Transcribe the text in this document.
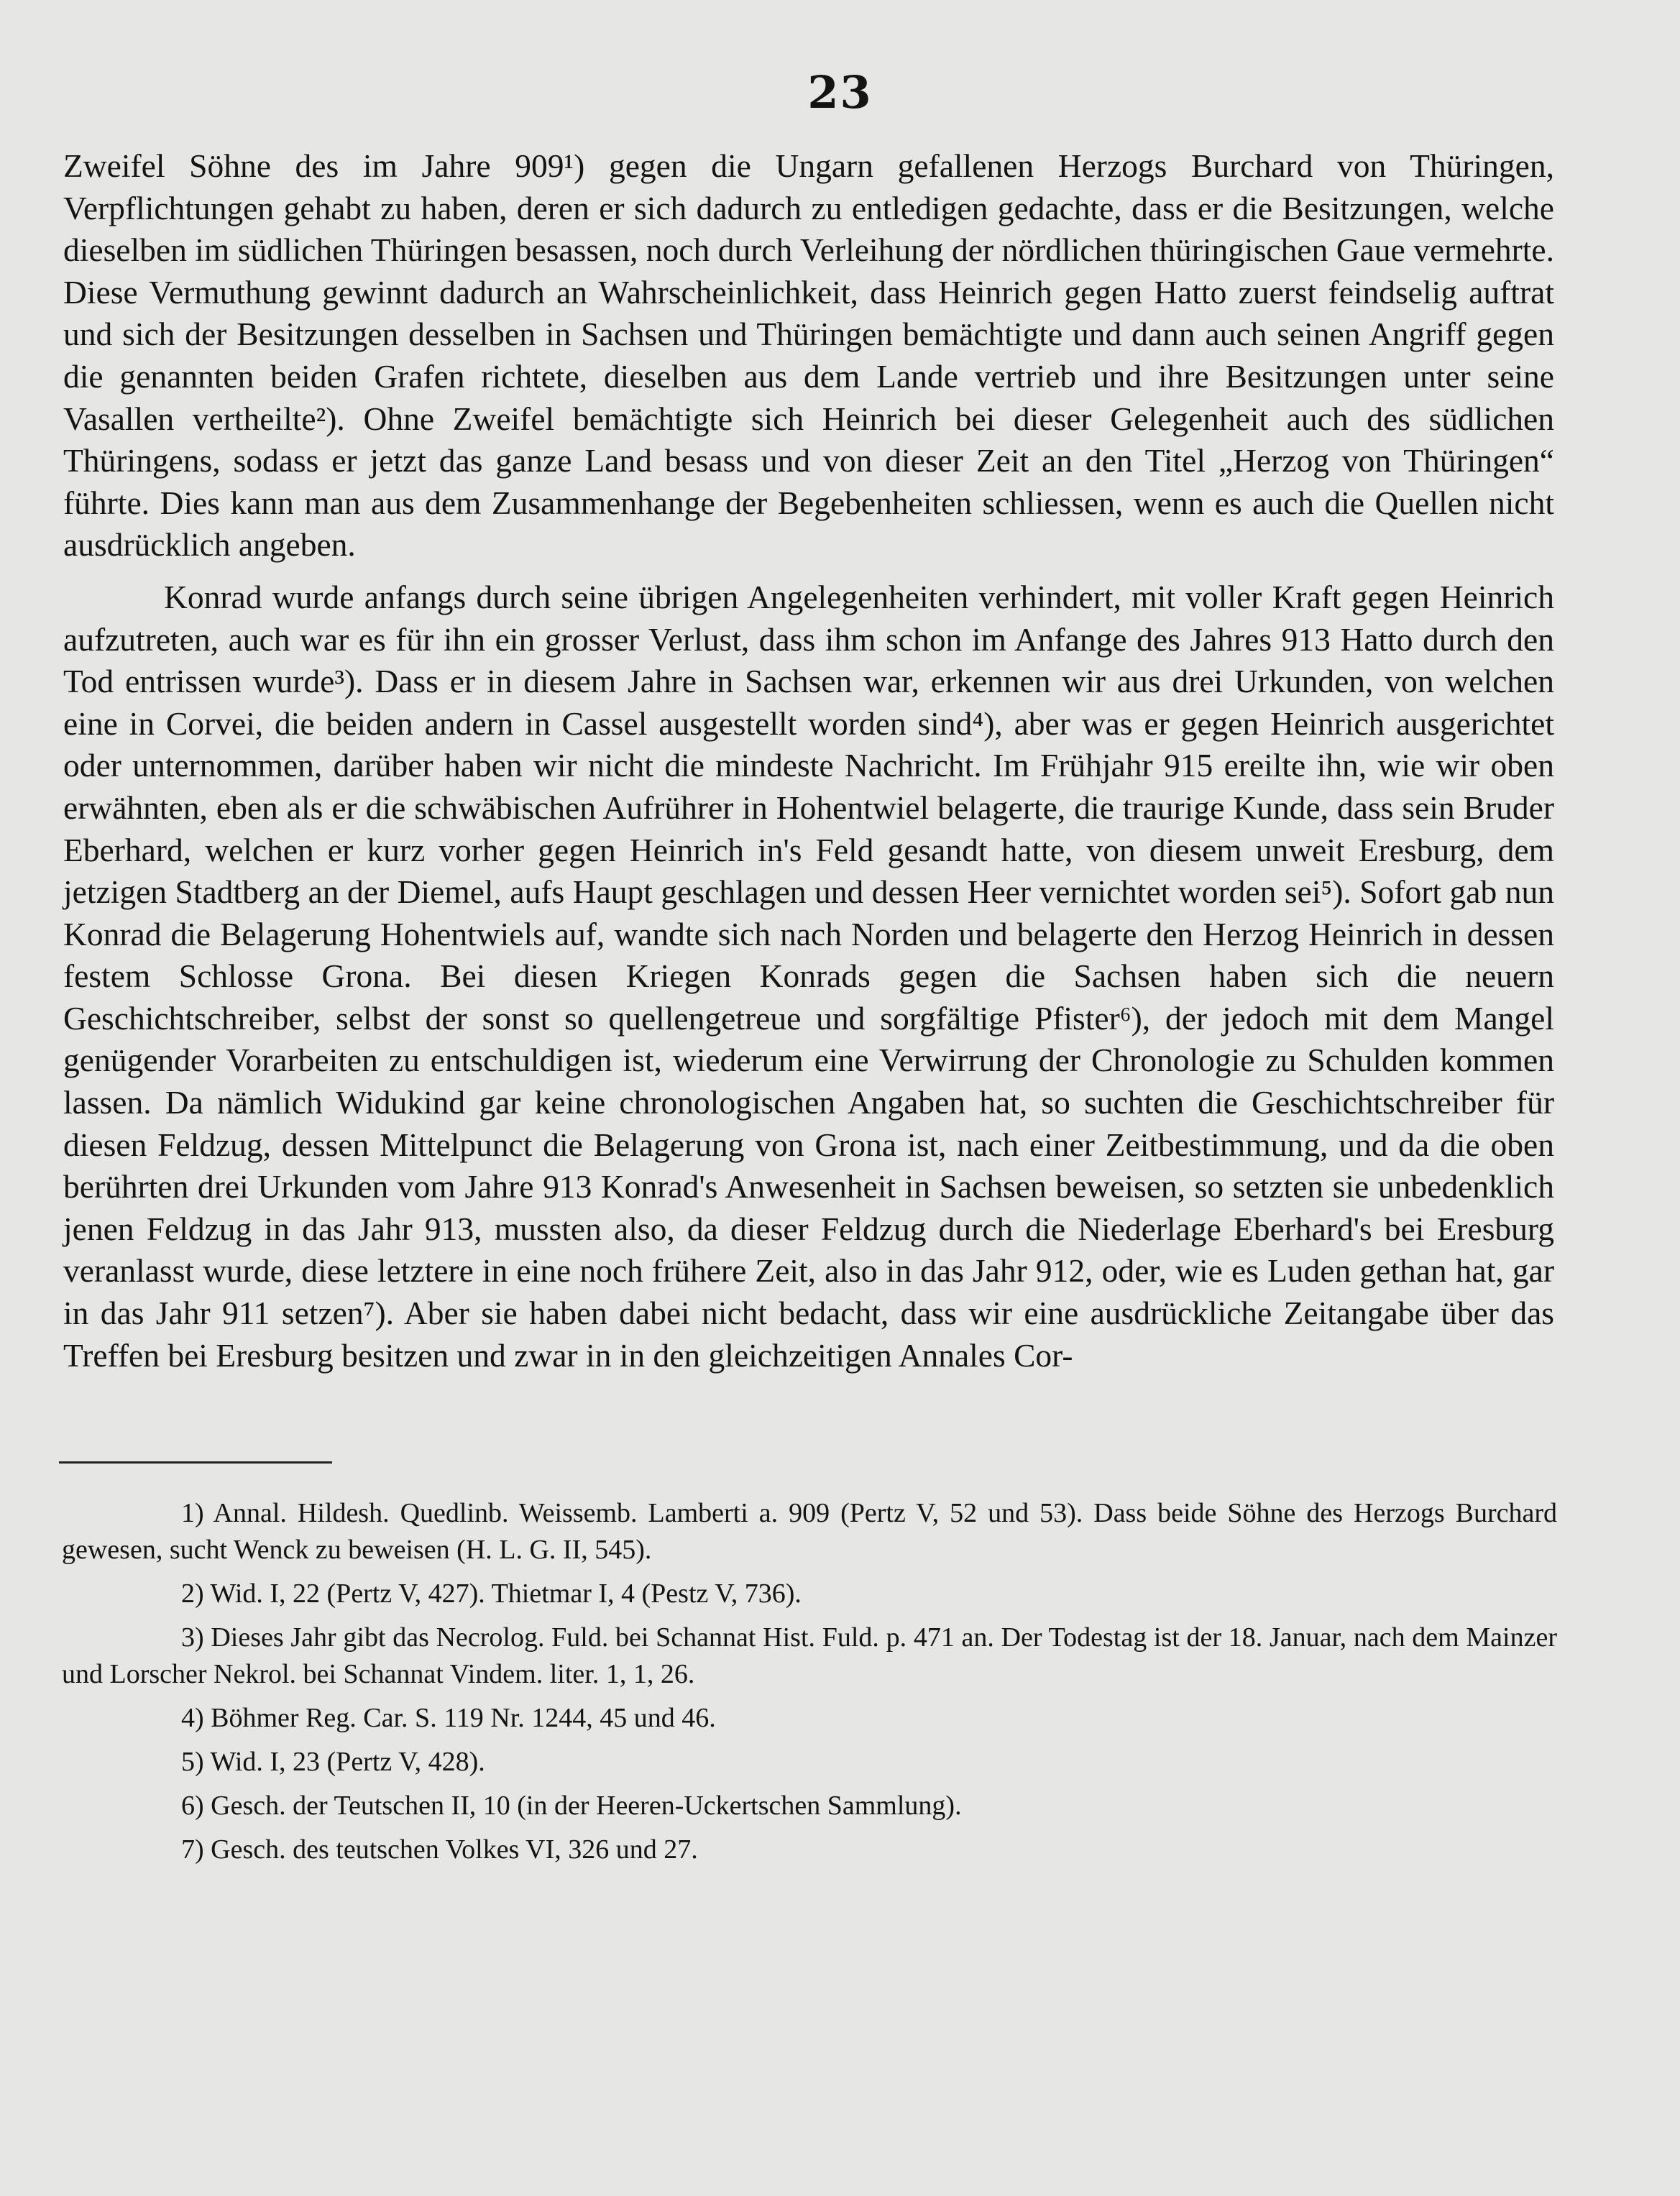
23

Zweifel Söhne des im Jahre 909¹) gegen die Ungarn gefallenen Herzogs Burchard von Thüringen, Verpflichtungen gehabt zu haben, deren er sich dadurch zu entledigen gedachte, dass er die Besitzungen, welche dieselben im südlichen Thüringen besassen, noch durch Verleihung der nördlichen thüringischen Gaue vermehrte. Diese Vermuthung gewinnt dadurch an Wahrscheinlichkeit, dass Heinrich gegen Hatto zuerst feindselig auftrat und sich der Besitzungen desselben in Sachsen und Thüringen bemächtigte und dann auch seinen Angriff gegen die genannten beiden Grafen richtete, dieselben aus dem Lande vertrieb und ihre Besitzungen unter seine Vasallen vertheilte²). Ohne Zweifel bemächtigte sich Heinrich bei dieser Gelegenheit auch des südlichen Thüringens, sodass er jetzt das ganze Land besass und von dieser Zeit an den Titel „Herzog von Thüringen“ führte. Dies kann man aus dem Zusammenhange der Begebenheiten schliessen, wenn es auch die Quellen nicht ausdrücklich angeben.

Konrad wurde anfangs durch seine übrigen Angelegenheiten verhindert, mit voller Kraft gegen Heinrich aufzutreten, auch war es für ihn ein grosser Verlust, dass ihm schon im Anfange des Jahres 913 Hatto durch den Tod entrissen wurde³). Dass er in diesem Jahre in Sachsen war, erkennen wir aus drei Urkunden, von welchen eine in Corvei, die beiden andern in Cassel ausgestellt worden sind⁴), aber was er gegen Heinrich ausgerichtet oder unternommen, darüber haben wir nicht die mindeste Nachricht. Im Frühjahr 915 ereilte ihn, wie wir oben erwähnten, eben als er die schwäbischen Aufrührer in Hohentwiel belagerte, die traurige Kunde, dass sein Bruder Eberhard, welchen er kurz vorher gegen Heinrich in's Feld gesandt hatte, von diesem unweit Eresburg, dem jetzigen Stadtberg an der Diemel, aufs Haupt geschlagen und dessen Heer vernichtet worden sei⁵). Sofort gab nun Konrad die Belagerung Hohentwiels auf, wandte sich nach Norden und belagerte den Herzog Heinrich in dessen festem Schlosse Grona. Bei diesen Kriegen Konrads gegen die Sachsen haben sich die neuern Geschichtschreiber, selbst der sonst so quellengetreue und sorgfältige Pfister⁶), der jedoch mit dem Mangel genügender Vorarbeiten zu entschuldigen ist, wiederum eine Verwirrung der Chronologie zu Schulden kommen lassen. Da nämlich Widukind gar keine chronologischen Angaben hat, so suchten die Geschichtschreiber für diesen Feldzug, dessen Mittelpunct die Belagerung von Grona ist, nach einer Zeitbestimmung, und da die oben berührten drei Urkunden vom Jahre 913 Konrad's Anwesenheit in Sachsen beweisen, so setzten sie unbedenklich jenen Feldzug in das Jahr 913, mussten also, da dieser Feldzug durch die Niederlage Eberhard's bei Eresburg veranlasst wurde, diese letztere in eine noch frühere Zeit, also in das Jahr 912, oder, wie es Luden gethan hat, gar in das Jahr 911 setzen⁷). Aber sie haben dabei nicht bedacht, dass wir eine ausdrückliche Zeitangabe über das Treffen bei Eresburg besitzen und zwar in in den gleichzeitigen Annales Cor-

1) Annal. Hildesh. Quedlinb. Weissemb. Lamberti a. 909 (Pertz V, 52 und 53). Dass beide Söhne des Herzogs Burchard gewesen, sucht Wenck zu beweisen (H. L. G. II, 545).

2) Wid. I, 22 (Pertz V, 427). Thietmar I, 4 (Pestz V, 736).

3) Dieses Jahr gibt das Necrolog. Fuld. bei Schannat Hist. Fuld. p. 471 an. Der Todestag ist der 18. Januar, nach dem Mainzer und Lorscher Nekrol. bei Schannat Vindem. liter. 1, 1, 26.

4) Böhmer Reg. Car. S. 119 Nr. 1244, 45 und 46.

5) Wid. I, 23 (Pertz V, 428).

6) Gesch. der Teutschen II, 10 (in der Heeren-Uckertschen Sammlung).

7) Gesch. des teutschen Volkes VI, 326 und 27.
